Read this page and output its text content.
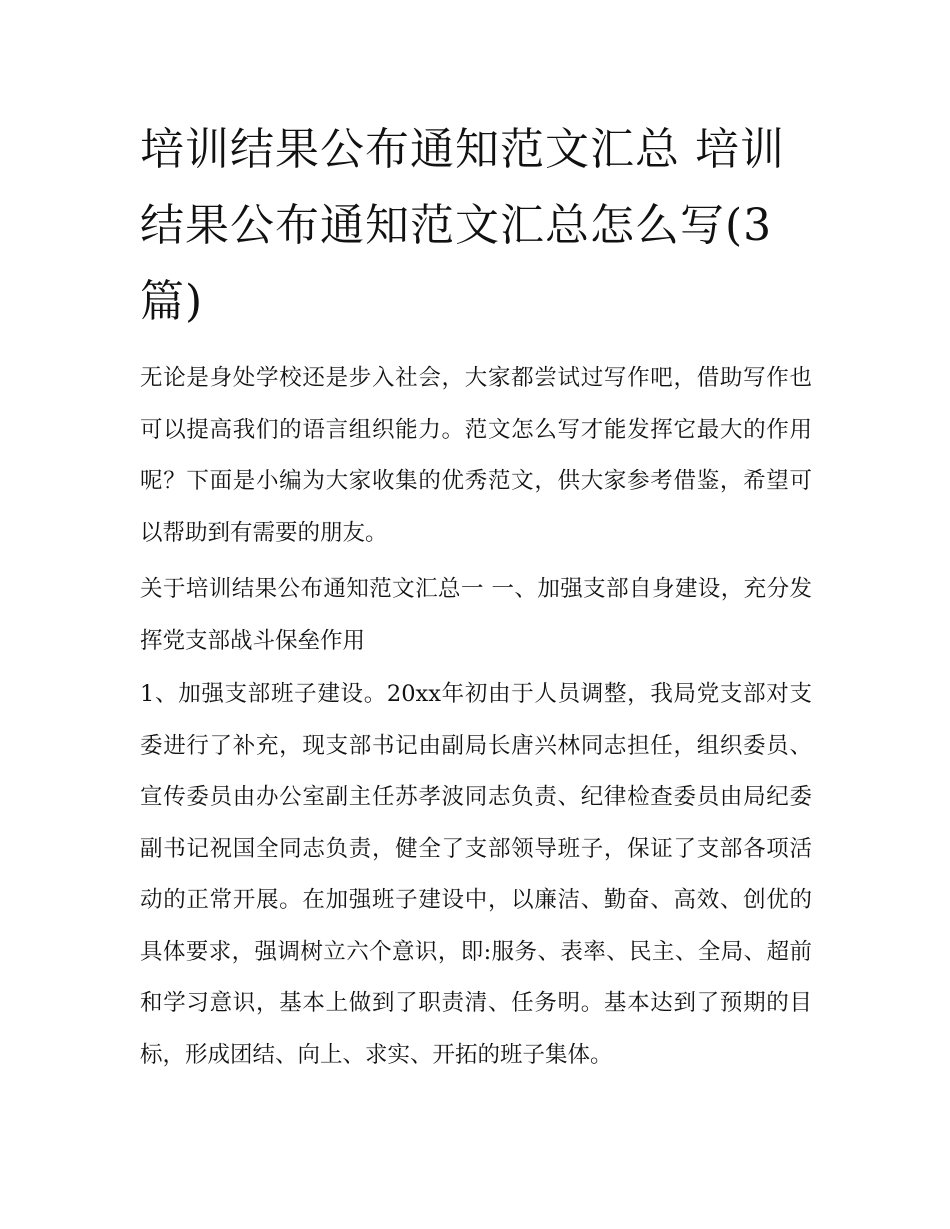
培训结果公布通知范文汇总 培训结果公布通知范文汇总怎么写(3篇)

无论是身处学校还是步入社会，大家都尝试过写作吧，借助写作也可以提高我们的语言组织能力。范文怎么写才能发挥它最大的作用呢？下面是小编为大家收集的优秀范文，供大家参考借鉴，希望可以帮助到有需要的朋友。

关于培训结果公布通知范文汇总一 一、加强支部自身建设，充分发挥党支部战斗保垒作用

1、加强支部班子建设。20xx年初由于人员调整，我局党支部对支委进行了补充，现支部书记由副局长唐兴林同志担任，组织委员、宣传委员由办公室副主任苏孝波同志负责、纪律检查委员由局纪委副书记祝国全同志负责，健全了支部领导班子，保证了支部各项活动的正常开展。在加强班子建设中，以廉洁、勤奋、高效、创优的具体要求，强调树立六个意识，即:服务、表率、民主、全局、超前和学习意识，基本上做到了职责清、任务明。基本达到了预期的目标，形成团结、向上、求实、开拓的班子集体。
